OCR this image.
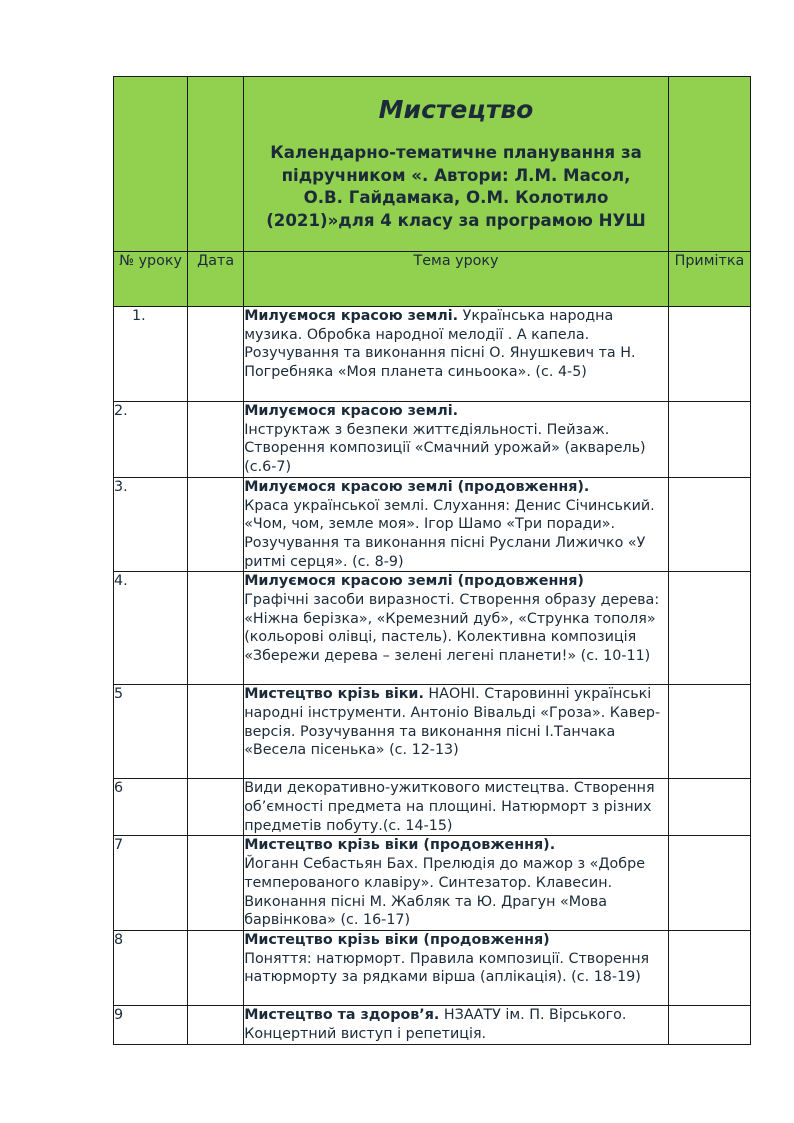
		Мистецтво
Календарно-тематичне планування за підручником «. Автори: Л.М. Масол, О.В. Гайдамака, О.М. Колотило (2021)»для 4 класу за програмою НУШ	

№ уроку	Дата	Тема уроку	Примітка
1.		Милуємося красою землі. Українська народна музика. Обробка народної мелодії . А капела. Розучування та виконання пісні О. Янушкевич та Н. Погребняка «Моя планета синьоока». (с. 4-5)	
2.		Милуємося красою землі.
Інструктаж з безпеки життєдіяльності. Пейзаж. Створення композиції «Смачний урожай» (акварель) (с.6-7)	
3.		Милуємося красою землі (продовження).
Краса української землі. Слухання: Денис Січинський. «Чом, чом, земле моя». Ігор Шамо «Три поради». Розучування та виконання пісні Руслани Лижичко «У ритмі серця». (с. 8-9)	
4.		Милуємося красою землі (продовження)
Графічні засоби виразності. Створення образу дерева: «Ніжна берізка», «Кремезний дуб», «Струнка тополя» (кольорові олівці, пастель). Колективна композиція «Збережи дерева – зелені легені планети!» (с. 10-11)	
5		Мистецтво крізь віки. НАОНІ. Старовинні українські народні інструменти. Антоніо Вівальді «Гроза». Кавер-версія. Розучування та виконання пісні І.Танчака «Весела пісенька» (с. 12-13)	
6		Види декоративно-ужиткового мистецтва. Створення об’ємності предмета на площині. Натюрморт з різних предметів побуту.(с. 14-15)	
7		Мистецтво крізь віки (продовження).
Йоганн Себастьян Бах. Прелюдія до мажор з «Добре темперованого клавіру». Синтезатор. Клавесин. Виконання пісні М. Жабляк та Ю. Драгун «Мова барвінкова» (с. 16-17)	
8		Мистецтво крізь віки (продовження)
Поняття: натюрморт. Правила композиції. Створення натюрморту за рядками вірша (аплікація). (с. 18-19)	
9		Мистецтво та здоров’я. НЗААТУ ім. П. Вірського. Концертний виступ і репетиція.	
